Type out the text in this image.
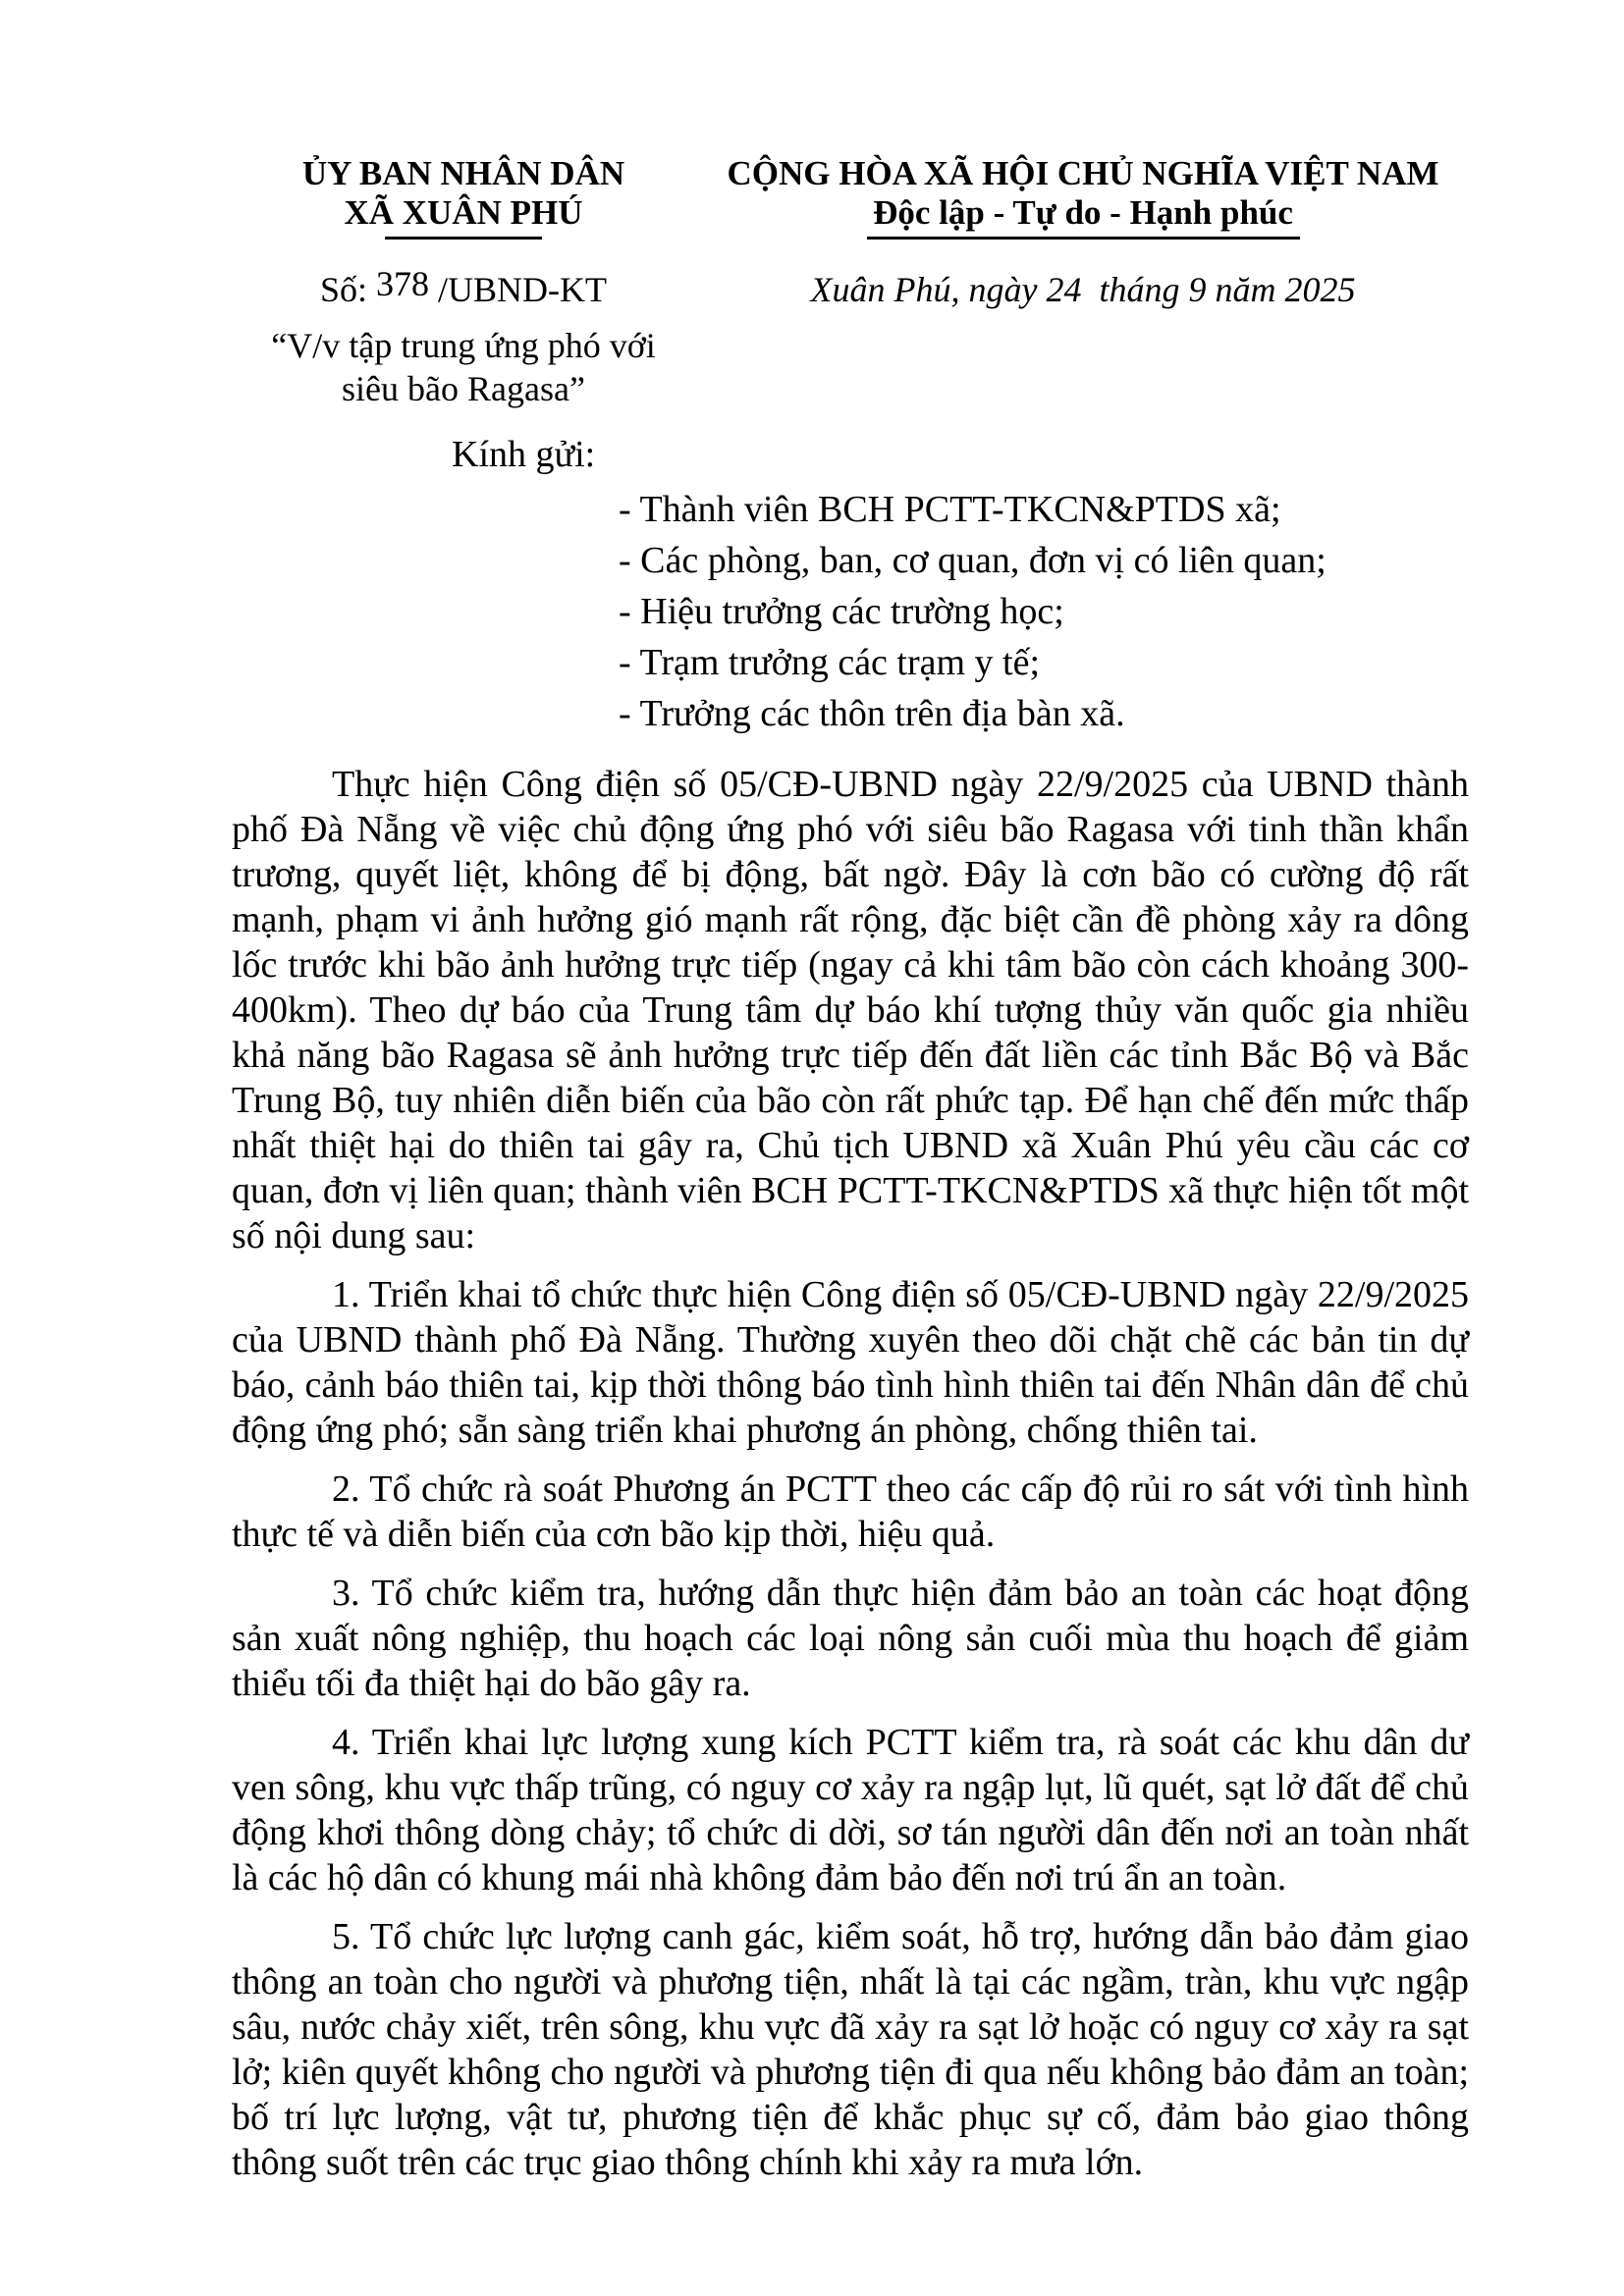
ỦY BAN NHÂN DÂN
XÃ XUÂN PHÚ
CỘNG HÒA XÃ HỘI CHỦ NGHĨA VIỆT NAM
Độc lập - Tự do - Hạnh phúc
Số: 378 /UBND-KT	Xuân Phú, ngày 24  tháng 9 năm 2025
“V/v tập trung ứng phó với
siêu bão Ragasa”
Kính gửi:
- Thành viên BCH PCTT-TKCN&PTDS xã;
- Các phòng, ban, cơ quan, đơn vị có liên quan;
- Hiệu trưởng các trường học;
- Trạm trưởng các trạm y tế;
- Trưởng các thôn trên địa bàn xã.

Thực hiện Công điện số 05/CĐ-UBND ngày 22/9/2025 của UBND thành phố Đà Nẵng về việc chủ động ứng phó với siêu bão Ragasa với tinh thần khẩn trương, quyết liệt, không để bị động, bất ngờ. Đây là cơn bão có cường độ rất mạnh, phạm vi ảnh hưởng gió mạnh rất rộng, đặc biệt cần đề phòng xảy ra dông lốc trước khi bão ảnh hưởng trực tiếp (ngay cả khi tâm bão còn cách khoảng 300-400km). Theo dự báo của Trung tâm dự báo khí tượng thủy văn quốc gia nhiều khả năng bão Ragasa sẽ ảnh hưởng trực tiếp đến đất liền các tỉnh Bắc Bộ và Bắc Trung Bộ, tuy nhiên diễn biến của bão còn rất phức tạp. Để hạn chế đến mức thấp nhất thiệt hại do thiên tai gây ra, Chủ tịch UBND xã Xuân Phú yêu cầu các cơ quan, đơn vị liên quan; thành viên BCH PCTT-TKCN&PTDS xã thực hiện tốt một số nội dung sau:

1. Triển khai tổ chức thực hiện Công điện số 05/CĐ-UBND ngày 22/9/2025 của UBND thành phố Đà Nẵng. Thường xuyên theo dõi chặt chẽ các bản tin dự báo, cảnh báo thiên tai, kịp thời thông báo tình hình thiên tai đến Nhân dân để chủ động ứng phó; sẵn sàng triển khai phương án phòng, chống thiên tai.

2. Tổ chức rà soát Phương án PCTT theo các cấp độ rủi ro sát với tình hình thực tế và diễn biến của cơn bão kịp thời, hiệu quả.

3. Tổ chức kiểm tra, hướng dẫn thực hiện đảm bảo an toàn các hoạt động sản xuất nông nghiệp, thu hoạch các loại nông sản cuối mùa thu hoạch để giảm thiểu tối đa thiệt hại do bão gây ra.

4. Triển khai lực lượng xung kích PCTT kiểm tra, rà soát các khu dân dư ven sông, khu vực thấp trũng, có nguy cơ xảy ra ngập lụt, lũ quét, sạt lở đất để chủ động khơi thông dòng chảy; tổ chức di dời, sơ tán người dân đến nơi an toàn nhất là các hộ dân có khung mái nhà không đảm bảo đến nơi trú ẩn an toàn.

5. Tổ chức lực lượng canh gác, kiểm soát, hỗ trợ, hướng dẫn bảo đảm giao thông an toàn cho người và phương tiện, nhất là tại các ngầm, tràn, khu vực ngập sâu, nước chảy xiết, trên sông, khu vực đã xảy ra sạt lở hoặc có nguy cơ xảy ra sạt lở; kiên quyết không cho người và phương tiện đi qua nếu không bảo đảm an toàn; bố trí lực lượng, vật tư, phương tiện để khắc phục sự cố, đảm bảo giao thông thông suốt trên các trục giao thông chính khi xảy ra mưa lớn.
